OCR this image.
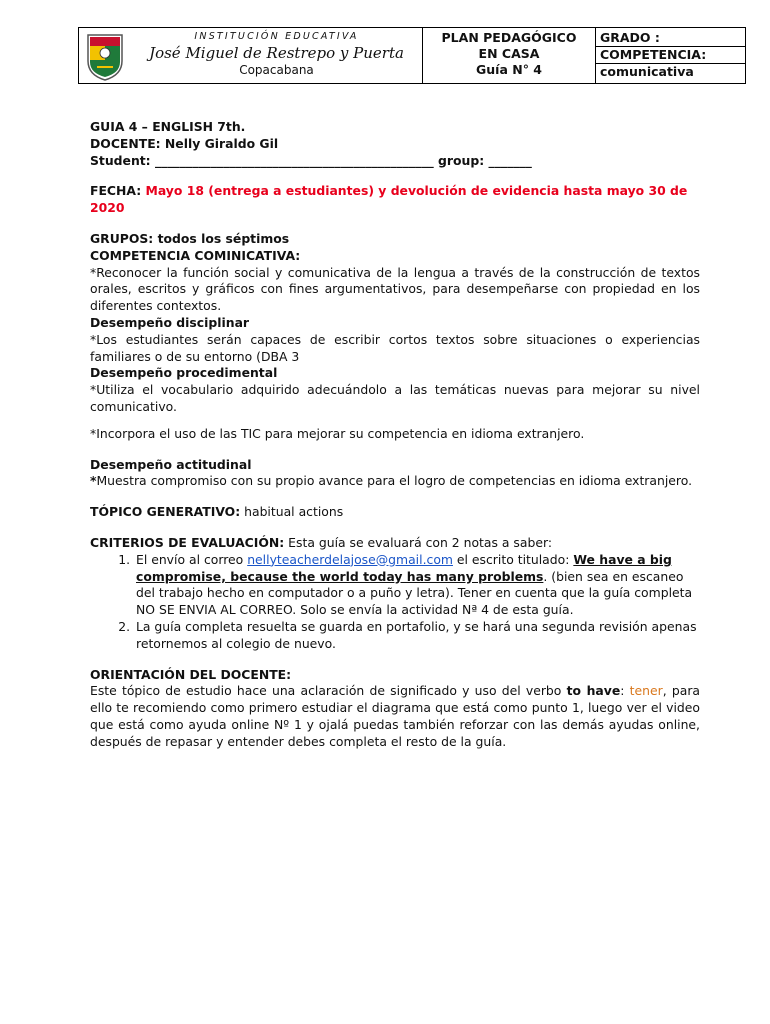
INSTITUCIÓN EDUCATIVA
José Miguel de Restrepo y Puerta
Copacabana

PLAN PEDAGÓGICO
EN CASA
Guía N° 4

GRADO :
COMPETENCIA:
comunicativa

GUIA 4 – ENGLISH 7th.

DOCENTE: Nelly Giraldo Gil

Student: _____________________________________________ group: _______

FECHA: Mayo 18 (entrega a estudiantes) y devolución de evidencia hasta mayo 30 de 2020

GRUPOS: todos los séptimos

COMPETENCIA COMINICATIVA:

*Reconocer la función social y comunicativa de la lengua a través de la construcción de textos orales, escritos y gráficos con fines argumentativos, para desempeñarse con propiedad en los diferentes contextos.

Desempeño disciplinar

*Los estudiantes serán capaces de escribir cortos textos sobre situaciones o experiencias familiares o de su entorno (DBA 3

Desempeño procedimental

*Utiliza el vocabulario adquirido adecuándolo a las temáticas nuevas para mejorar su nivel comunicativo.

*Incorpora el uso de las TIC para mejorar su competencia en idioma extranjero.

Desempeño actitudinal

*Muestra compromiso con su propio avance para el logro de competencias en idioma extranjero.

TÓPICO GENERATIVO: habitual actions

CRITERIOS DE EVALUACIÓN: Esta guía se evaluará con 2 notas a saber:

1. El envío al correo nellyteacherdelajose@gmail.com el escrito titulado: We have a big compromise, because the world today has many problems. (bien sea en escaneo del trabajo hecho en computador o a puño y letra). Tener en cuenta que la guía completa NO SE ENVIA AL CORREO. Solo se envía la actividad Nª 4 de esta guía.
2. La guía completa resuelta se guarda en portafolio, y se hará una segunda revisión apenas retornemos al colegio de nuevo.

ORIENTACIÓN DEL DOCENTE:

Este tópico de estudio hace una aclaración de significado y uso del verbo to have: tener, para ello te recomiendo como primero estudiar el diagrama que está como punto 1, luego ver el video que está como ayuda online Nº 1 y ojalá puedas también reforzar con las demás ayudas online, después de repasar y entender debes completa el resto de la guía.
